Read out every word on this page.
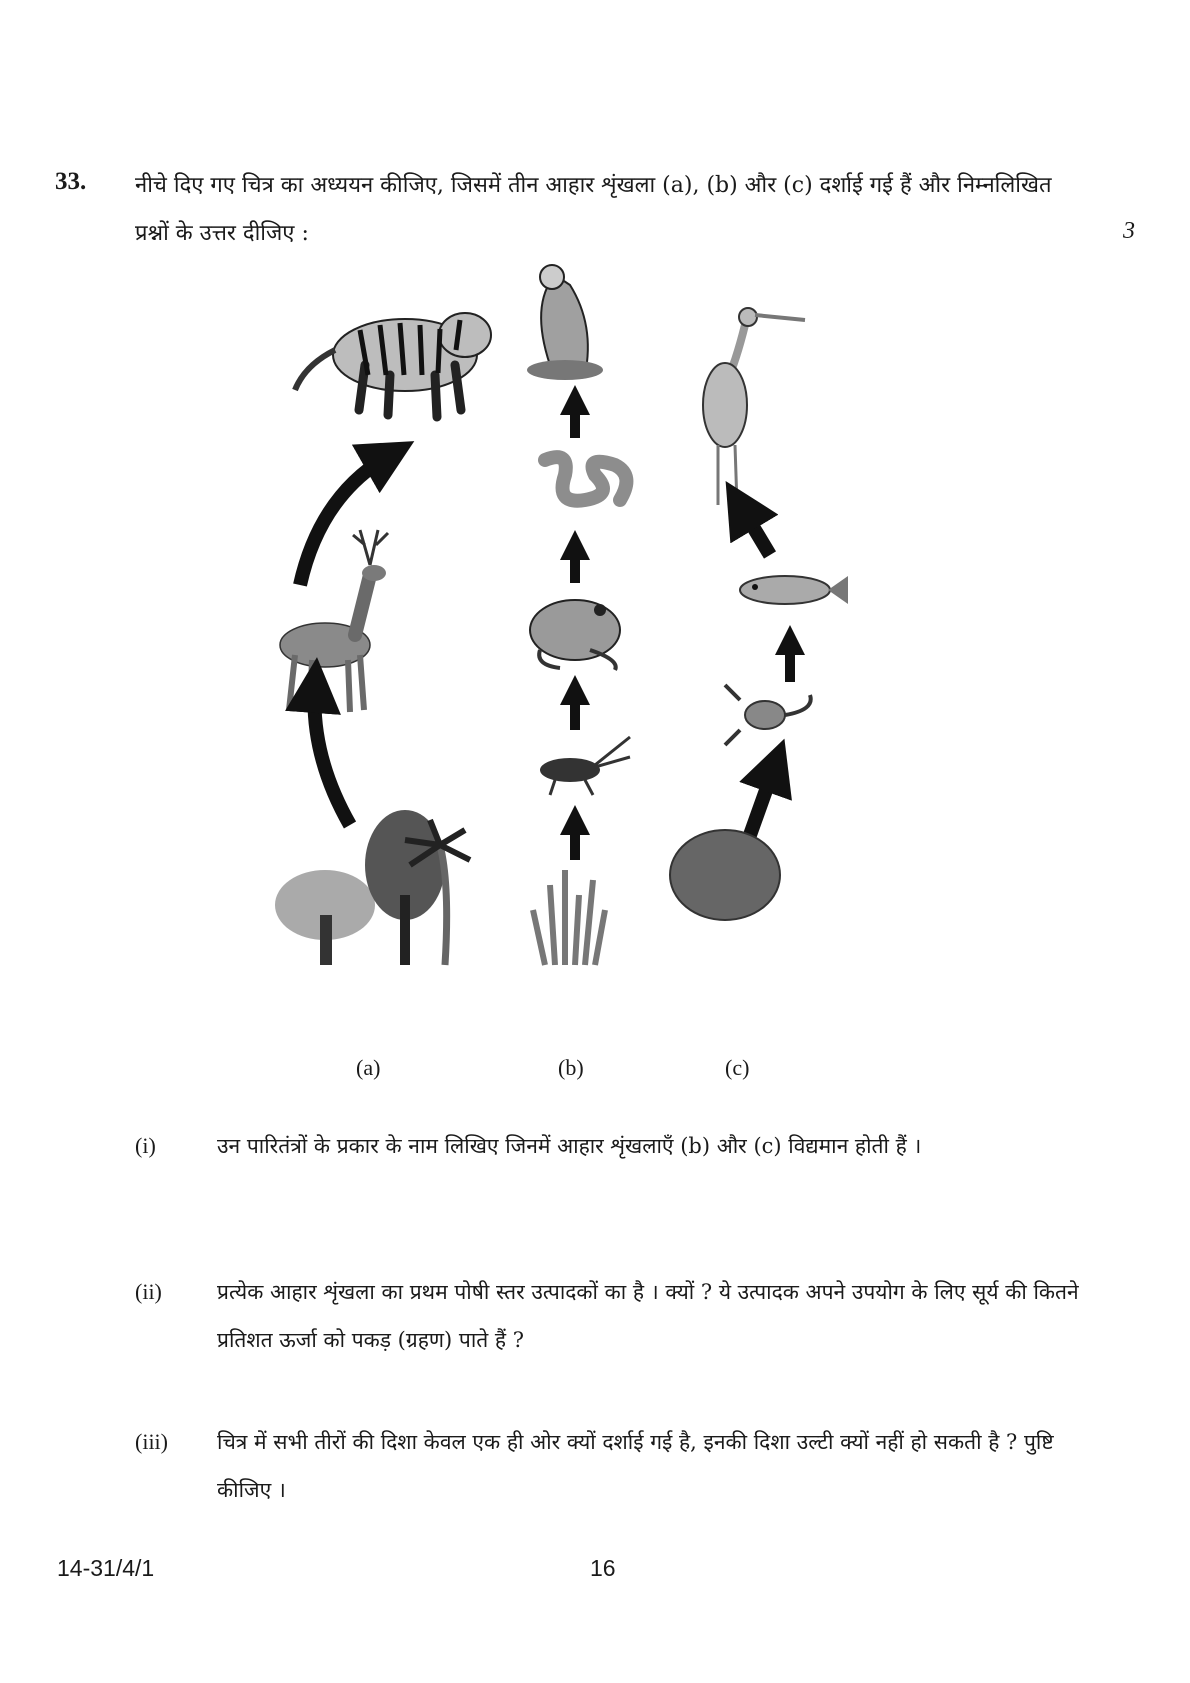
33. नीचे दिए गए चित्र का अध्ययन कीजिए, जिसमें तीन आहार शृंखला (a), (b) और (c) दर्शाई गई हैं और निम्नलिखित प्रश्नों के उत्तर दीजिए :	3
(a)	(b)	(c)
(i)	उन पारितंत्रों के प्रकार के नाम लिखिए जिनमें आहार शृंखलाएँ (b) और (c) विद्यमान होती हैं ।
(ii)	प्रत्येक आहार शृंखला का प्रथम पोषी स्तर उत्पादकों का है । क्यों ? ये उत्पादक अपने उपयोग के लिए सूर्य की कितने प्रतिशत ऊर्जा को पकड़ (ग्रहण) पाते हैं ?
(iii) चित्र में सभी तीरों की दिशा केवल एक ही ओर क्यों दर्शाई गई है, इनकी दिशा उल्टी क्यों नहीं हो सकती है ? पुष्टि कीजिए ।
14-31/4/1	16
